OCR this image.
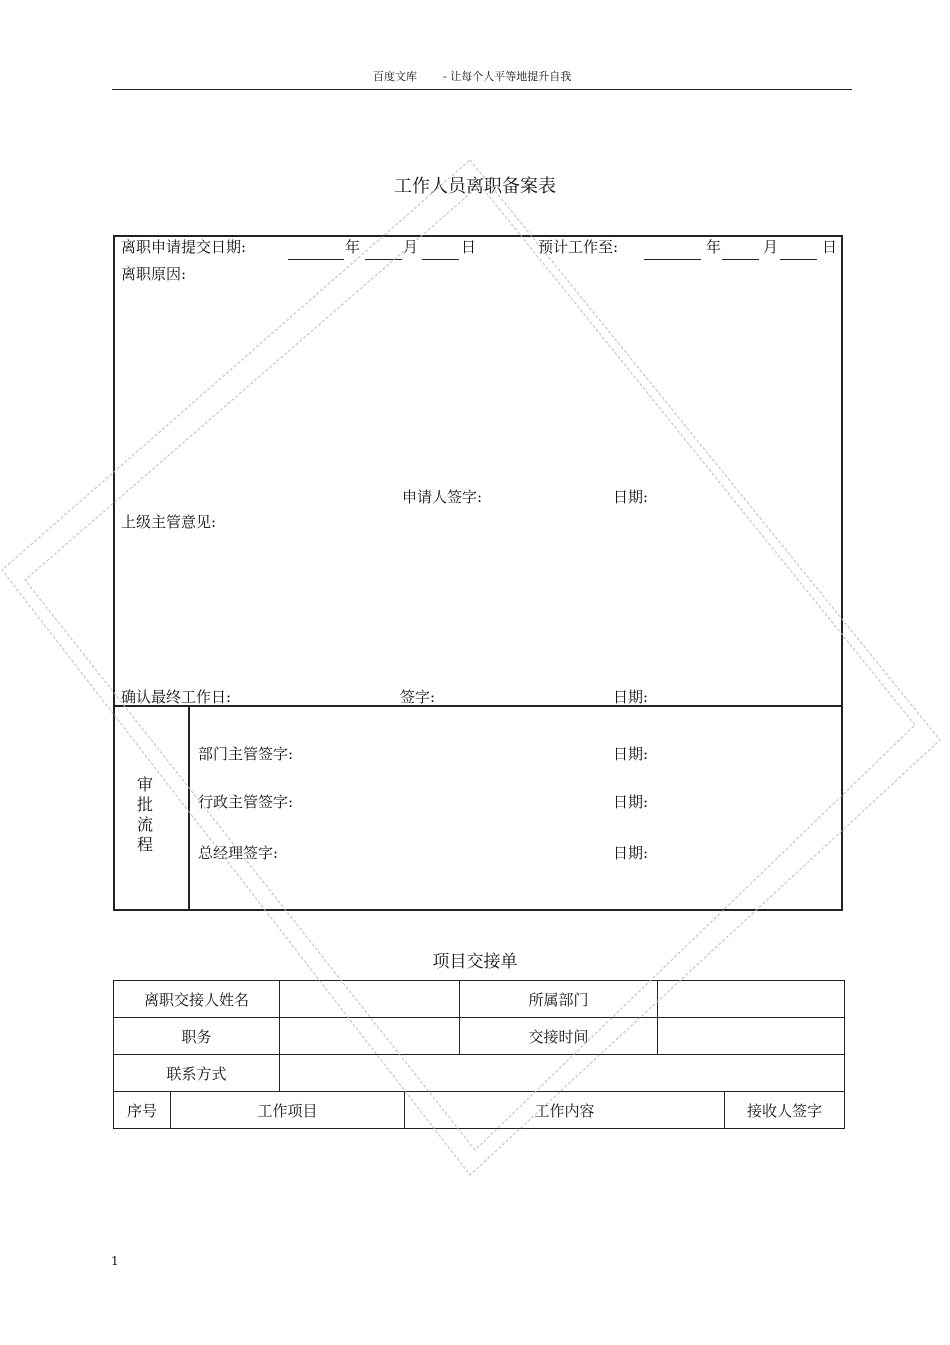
百度文库 - 让每个人平等地提升自我
工作人员离职备案表
离职申请提交日期:	年	月	日	预计工作至:	年	月	日
离职原因:
申请人签字:	日期:
上级主管意见:
确认最终工作日:	签字:	日期:
审
批
流
程
部门主管签字:	日期:
行政主管签字:	日期:
总经理签字:	日期:
项目交接单
离职交接人姓名				所属部门		
职务				交接时间		
联系方式						
序号	工作项目		工作内容			接收人签字
1
